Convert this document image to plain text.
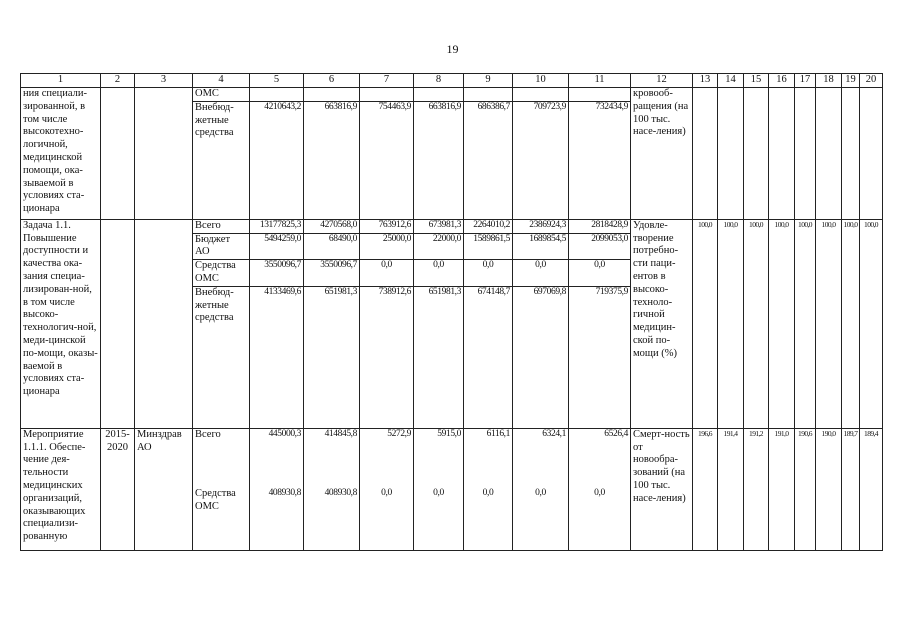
19
1	2	3	4	5	6	7	8	9	10	11	12	13	14	15	16	17	18	19	20
ния специали-зированной, в том числе высокотехно-логичной, медицинской помощи, ока-зываемой в условиях ста-ционара			ОМС								кровооб-ращения (на 100 тыс. насе-ления)								
			Внебюд-жетные средства	4210643,2	663816,9	754463,9	663816,9	686386,7	709723,9	732434,9									
Задача 1.1. Повышение доступности и качества ока-зания специа-лизирован-ной, в том числе высоко-технологич-ной, меди-цинской по-мощи, оказы-ваемой в условиях ста-ционара			Всего	13177825,3	4270568,0	763912,6	673981,3	2264010,2	2386924,3	2818428,9	Удовле-творение потребно-сти паци-ентов в высоко-техноло-гичной медицин-ской по-мощи (%)	100,0	100,0	100,0	100,0	100,0	100,0	100,0	100,0
			Бюджет АО	5494259,0	68490,0	25000,0	22000,0	1589861,5	1689854,5	2099053,0									
			Средства ОМС	3550096,7	3550096,7	0,0	0,0	0,0	0,0	0,0									
			Внебюд-жетные средства	4133469,6	651981,3	738912,6	651981,3	674148,7	697069,8	719375,9									
Мероприятие 1.1.1. Обеспе-чение дея-тельности медицинских организаций, оказывающих специализи-рованную	2015-2020	Минздрав АО	Всего	445000,3	414845,8	5272,9	5915,0	6116,1	6324,1	6526,4	Смерт-ность от новообра-зований (на 100 тыс. насе-ления)	196,6	191,4	191,2	191,0	190,6	190,0	189,7	189,4
			Средства ОМС	408930,8	408930,8	0,0	0,0	0,0	0,0	0,0									
